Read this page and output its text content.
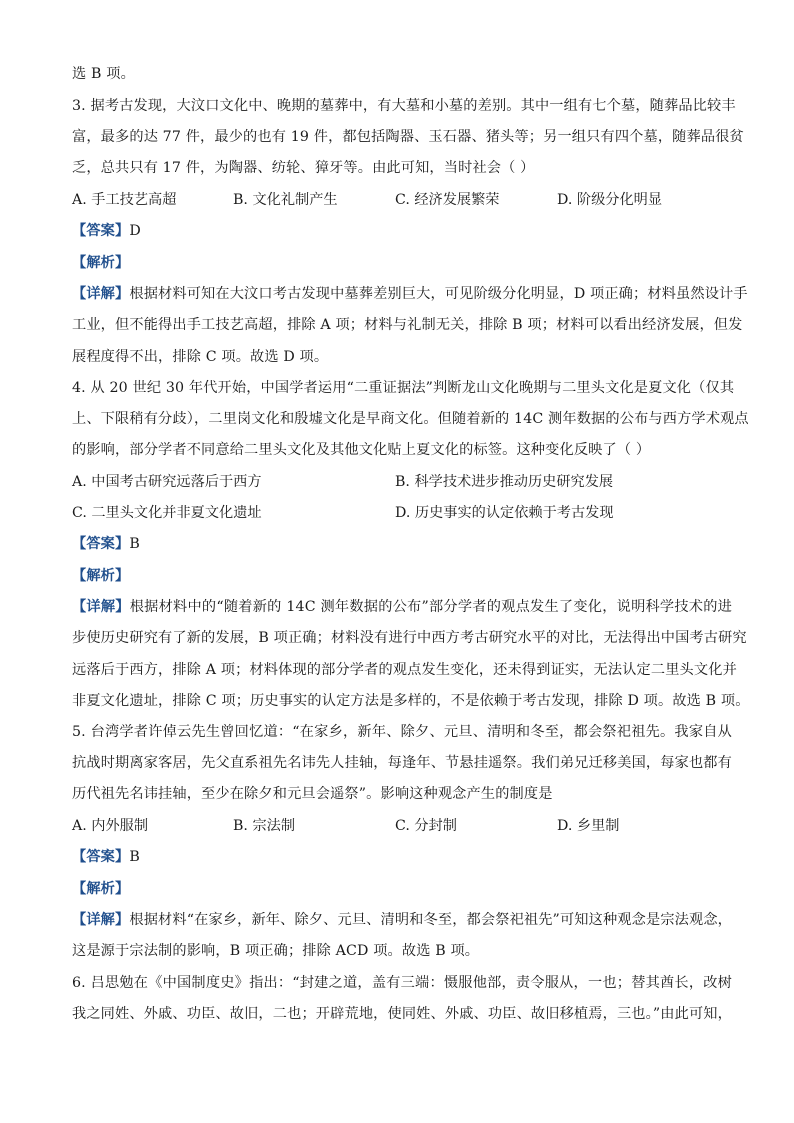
选 B 项。
3. 据考古发现，大汶口文化中、晚期的墓葬中，有大墓和小墓的差别。其中一组有七个墓，随葬品比较丰
富，最多的达 77 件，最少的也有 19 件，都包括陶器、玉石器、猪头等；另一组只有四个墓，随葬品很贫
乏，总共只有 17 件，为陶器、纺轮、獐牙等。由此可知，当时社会（ ）
A. 手工技艺高超	B. 文化礼制产生	C. 经济发展繁荣	D. 阶级分化明显
【答案】D
【解析】
【详解】根据材料可知在大汶口考古发现中墓葬差别巨大，可见阶级分化明显，D 项正确；材料虽然设计手
工业，但不能得出手工技艺高超，排除 A 项；材料与礼制无关，排除 B 项；材料可以看出经济发展，但发
展程度得不出，排除 C 项。故选 D 项。
4. 从 20 世纪 30 年代开始，中国学者运用“二重证据法”判断龙山文化晚期与二里头文化是夏文化（仅其
上、下限稍有分歧），二里岗文化和殷墟文化是早商文化。但随着新的 14C 测年数据的公布与西方学术观点
的影响，部分学者不同意给二里头文化及其他文化贴上夏文化的标签。这种变化反映了（ ）
A. 中国考古研究远落后于西方	B. 科学技术进步推动历史研究发展
C. 二里头文化并非夏文化遗址	D. 历史事实的认定依赖于考古发现
【答案】B
【解析】
【详解】根据材料中的“随着新的 14C 测年数据的公布”部分学者的观点发生了变化，说明科学技术的进
步使历史研究有了新的发展，B 项正确；材料没有进行中西方考古研究水平的对比，无法得出中国考古研究
远落后于西方，排除 A 项；材料体现的部分学者的观点发生变化，还未得到证实，无法认定二里头文化并
非夏文化遗址，排除 C 项；历史事实的认定方法是多样的，不是依赖于考古发现，排除 D 项。故选 B 项。
5. 台湾学者许倬云先生曾回忆道：“在家乡，新年、除夕、元旦、清明和冬至，都会祭祀祖先。我家自从
抗战时期离家客居，先父直系祖先名讳先人挂轴，每逢年、节悬挂遥祭。我们弟兄迁移美国，每家也都有
历代祖先名讳挂轴，至少在除夕和元旦会遥祭”。影响这种观念产生的制度是
A. 内外服制	B. 宗法制	C. 分封制	D. 乡里制
【答案】B
【解析】
【详解】根据材料“在家乡，新年、除夕、元旦、清明和冬至，都会祭祀祖先”可知这种观念是宗法观念，
这是源于宗法制的影响，B 项正确；排除 ACD 项。故选 B 项。
6. 吕思勉在《中国制度史》指出：“封建之道，盖有三端：慑服他部，责令服从，一也；替其酋长，改树
我之同姓、外戚、功臣、故旧，二也；开辟荒地，使同姓、外戚、功臣、故旧移植焉，三也。”由此可知，
